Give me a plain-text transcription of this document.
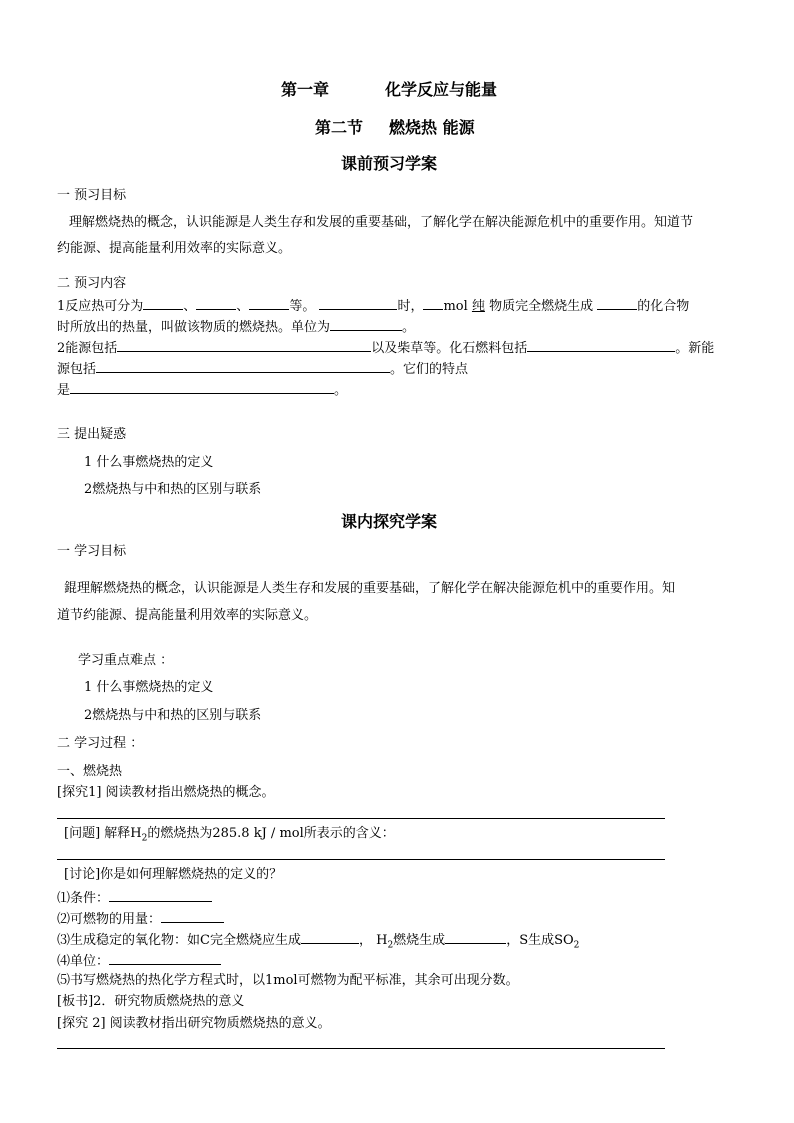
第一章	化学反应与能量
第二节 燃烧热 能源
课前预习学案
一 预习目标
理解燃烧热的概念，认识能源是人类生存和发展的重要基础，了解化学在解决能源危机中的重要作用。知道节
约能源、提高能量利用效率的实际意义。
二 预习内容
1反应热可分为	、	、	等。	时， mol 纯 物质完全燃烧生成	的化合物
时所放出的热量，叫做该物质的燃烧热。单位为	。
2能源包括	以及柴草等。化石燃料包括	。新能
源包括	。它们的特点
是	。
三 提出疑惑
1 什么事燃烧热的定义
2燃烧热与中和热的区别与联系
课内探究学案
一 学习目标
錕理解燃烧热的概念，认识能源是人类生存和发展的重要基础，了解化学在解决能源危机中的重要作用。知
道节约能源、提高能量利用效率的实际意义。
学习重点难点 ：
1 什么事燃烧热的定义
2燃烧热与中和热的区别与联系
二 学习过程 ：
一、燃烧热
[探究1] 阅读教材指出燃烧热的概念。
[问题] 解释$H_2$的燃烧热为285.8 kJ / mol所表示的含义：
[讨论]你是如何理解燃烧热的定义的？
⑴条件：
⑵可燃物的用量：
⑶生成稳定的氧化物：如C完全燃烧应生成	， $H_2$燃烧生成	，S生成$SO_2$
⑷单位：
⑸书写燃烧热的热化学方程式时，以1mol可燃物为配平标准，其余可出现分数。
[板书]2．研究物质燃烧热的意义
[探究 2] 阅读教材指出研究物质燃烧热的意义。
